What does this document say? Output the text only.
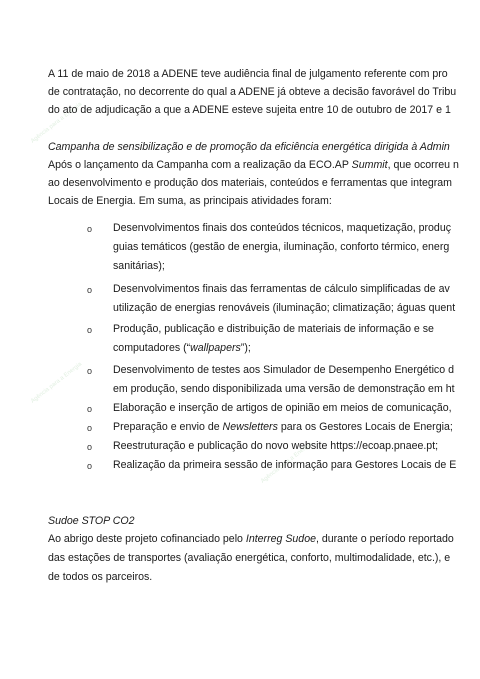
Agência para a Energia
Agência para a Energia
Agência para a Energia
A 11 de maio de 2018 a ADENE teve audiência final de julgamento referente com pro
de contratação, no decorrente do qual a ADENE já obteve a decisão favorável do Tribu
do ato de adjudicação a que a ADENE esteve sujeita entre 10 de outubro de 2017 e 1
Campanha de sensibilização e de promoção da eficiência energética dirigida à Admin
Após o lançamento da Campanha com a realização da ECO.AP Summit, que ocorreu n
ao desenvolvimento e produção dos materiais, conteúdos e ferramentas que integram
Locais de Energia. Em suma, as principais atividades foram:
o Desenvolvimentos finais dos conteúdos técnicos, maquetização, produç
guias temáticos (gestão de energia, iluminação, conforto térmico, energ
sanitárias);
o Desenvolvimentos finais das ferramentas de cálculo simplificadas de av
utilização de energias renováveis (iluminação; climatização; águas quent
o Produção, publicação e distribuição de materiais de informação e se
computadores (“wallpapers”);
o Desenvolvimento de testes aos Simulador de Desempenho Energético d
em produção, sendo disponibilizada uma versão de demonstração em ht
o Elaboração e inserção de artigos de opinião em meios de comunicação,
o Preparação e envio de Newsletters para os Gestores Locais de Energia;
o Reestruturação e publicação do novo website https://ecoap.pnaee.pt;
o Realização da primeira sessão de informação para Gestores Locais de E
Sudoe STOP CO2
Ao abrigo deste projeto cofinanciado pelo Interreg Sudoe, durante o período reportado
das estações de transportes (avaliação energética, conforto, multimodalidade, etc.), e
de todos os parceiros.
